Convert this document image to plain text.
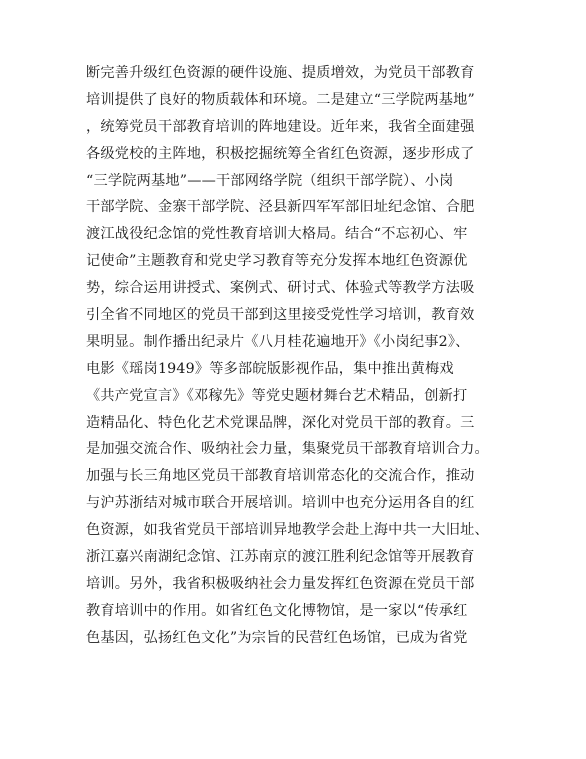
断完善升级红色资源的硬件设施、提质增效，为党员干部教育
培训提供了良好的物质载体和环境。二是建立“三学院两基地”
，统筹党员干部教育培训的阵地建设。近年来，我省全面建强
各级党校的主阵地，积极挖掘统筹全省红色资源，逐步形成了
“三学院两基地”——干部网络学院（组织干部学院）、小岗
干部学院、金寨干部学院、泾县新四军军部旧址纪念馆、合肥
渡江战役纪念馆的党性教育培训大格局。结合“不忘初心、牢
记使命”主题教育和党史学习教育等充分发挥本地红色资源优
势，综合运用讲授式、案例式、研讨式、体验式等教学方法吸
引全省不同地区的党员干部到这里接受党性学习培训，教育效
果明显。制作播出纪录片《八月桂花遍地开》《小岗纪事2》、
电影《瑶岗1949》等多部皖版影视作品，集中推出黄梅戏
《共产党宣言》《邓稼先》等党史题材舞台艺术精品，创新打
造精品化、特色化艺术党课品牌，深化对党员干部的教育。三
是加强交流合作、吸纳社会力量，集聚党员干部教育培训合力。
加强与长三角地区党员干部教育培训常态化的交流合作，推动
与沪苏浙结对城市联合开展培训。培训中也充分运用各自的红
色资源，如我省党员干部培训异地教学会赴上海中共一大旧址、
浙江嘉兴南湖纪念馆、江苏南京的渡江胜利纪念馆等开展教育
培训。另外，我省积极吸纳社会力量发挥红色资源在党员干部
教育培训中的作用。如省红色文化博物馆，是一家以“传承红
色基因，弘扬红色文化”为宗旨的民营红色场馆，已成为省党
